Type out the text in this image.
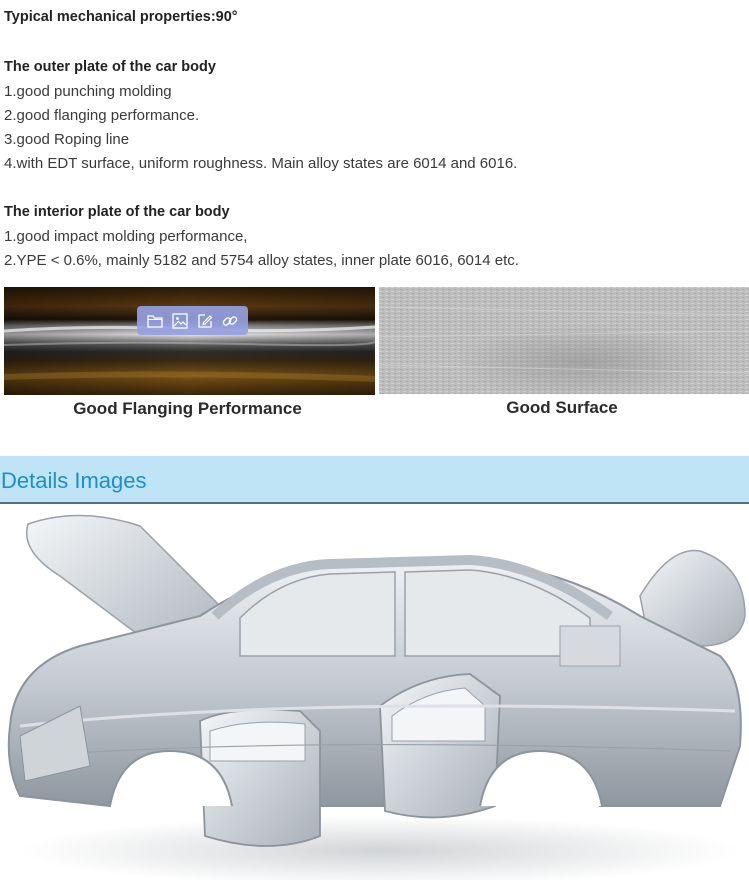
Typical mechanical properties:90°
The outer plate of the car body
1.good punching molding
2.good flanging performance.
3.good Roping line
4.with EDT surface, uniform roughness. Main alloy states are 6014 and 6016.
The interior plate of the car body
1.good impact molding performance,
2.YPE < 0.6%, mainly 5182 and 5754 alloy states, inner plate 6016, 6014 etc.
Good Flanging Performance	Good Surface
Details Images
